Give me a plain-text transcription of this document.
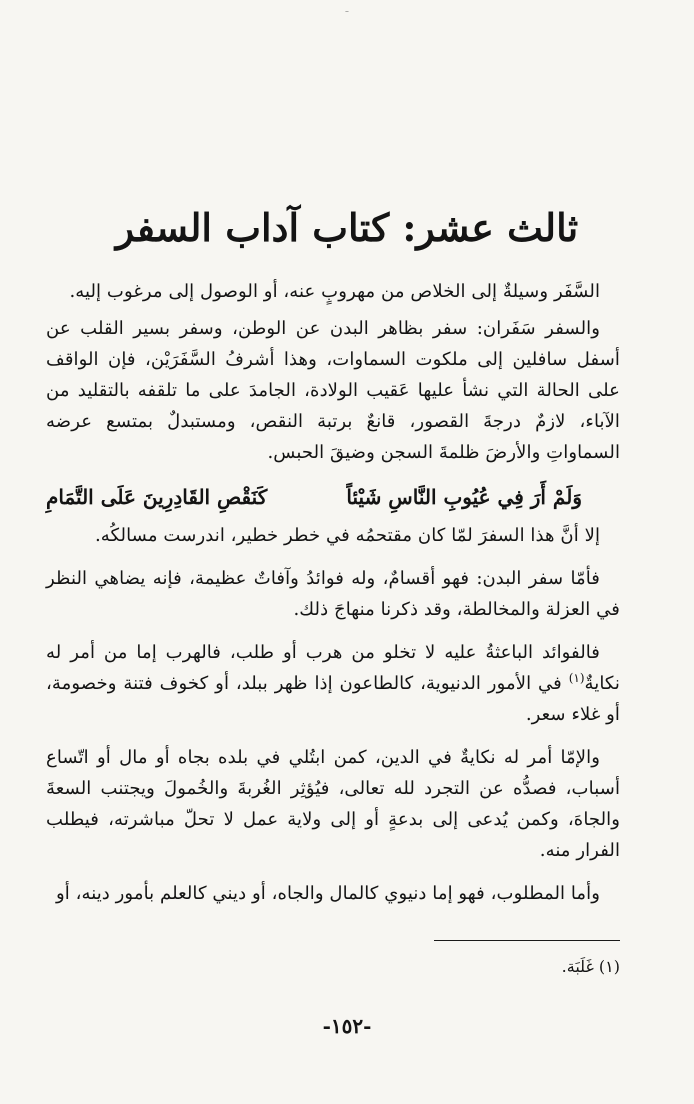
ـ
ثالث عشر: كتاب آداب السفر

السَّفَر وسيلةٌ إلى الخلاص من مهروبٍ عنه، أو الوصول إلى مرغوب إليه.

والسفر سَفَران: سفر بظاهر البدن عن الوطن، وسفر بسير القلب عن أسفل سافلين إلى ملكوت السماوات، وهذا أشرفُ السَّفَرَيْن، فإن الواقف على الحالة التي نشأ عليها عَقيب الولادة، الجامدَ على ما تلقفه بالتقليد من الآباء، لازمٌ درجةَ القصور، قانعٌ برتبة النقص، ومستبدلٌ بمتسع عرضه السماواتِ والأرضَ ظلمةَ السجن وضيقَ الحبس.

وَلَمْ أَرَ فِي عُيُوبِ النَّاسِ شَيْئاً
كَنَقْصِ القَادِرِينَ عَلَى التَّمَامِ

إلا أنَّ هذا السفرَ لمّا كان مقتحمُه في خطر خطير، اندرست مسالكُه.

فأمّا سفر البدن: فهو أقسامٌ، وله فوائدُ وآفاتٌ عظيمة، فإنه يضاهي النظر في العزلة والمخالطة، وقد ذكرنا منهاجَ ذلك.

فالفوائد الباعثةُ عليه لا تخلو من هرب أو طلب، فالهرب إما من أمر له نكايةٌ$^{(١)}$ في الأمور الدنيوية، كالطاعون إذا ظهر ببلد، أو كخوف فتنة وخصومة، أو غلاء سعر.

والإمّا أمر له نكايةٌ في الدين، كمن ابتُلي في بلده بجاه أو مال أو اتّساع أسباب، فصدُّه عن التجرد لله تعالى، فيُؤثِر الغُربةَ والخُمولَ ويجتنب السعةَ والجاهَ، وكمن يُدعى إلى بدعةٍ أو إلى ولاية عمل لا تحلّ مباشرته، فيطلب الفرار منه.

وأما المطلوب، فهو إما دنيوي كالمال والجاه، أو ديني كالعلم بأمور دينه، أو

(١) غَلَبَة.
-١٥٢-
